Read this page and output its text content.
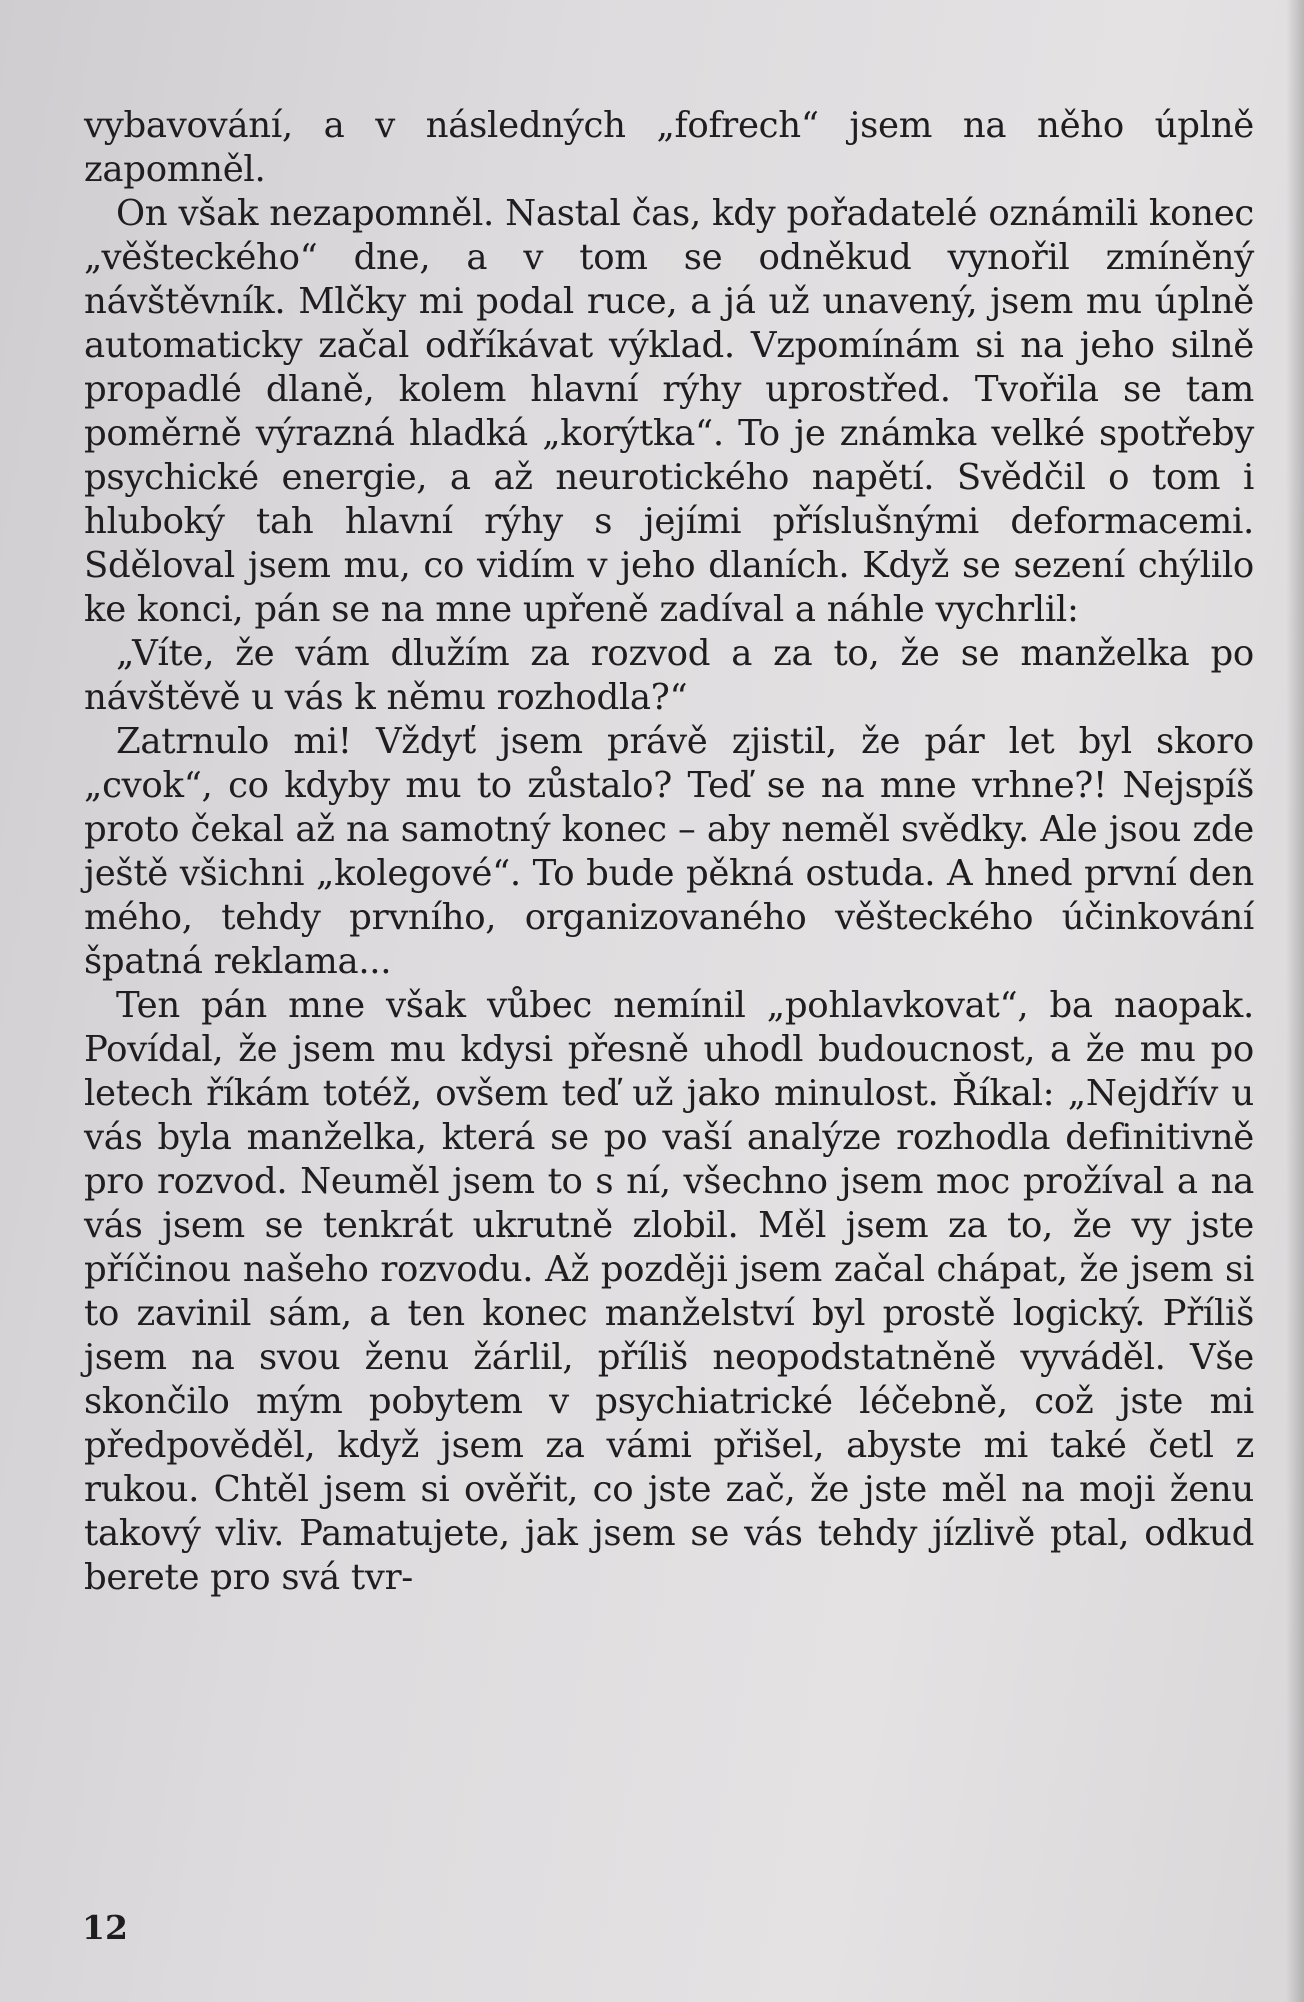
vybavování, a v následných „fofrech“ jsem na něho úplně zapomněl.

On však nezapomněl. Nastal čas, kdy pořadatelé oznámili konec „věšteckého“ dne, a v tom se odněkud vynořil zmíněný návštěvník. Mlčky mi podal ruce, a já už unavený, jsem mu úplně automaticky začal odříkávat výklad. Vzpomínám si na jeho silně propadlé dlaně, kolem hlavní rýhy uprostřed. Tvořila se tam poměrně výrazná hladká „korýtka“. To je známka velké spotřeby psychické energie, a až neurotického napětí. Svědčil o tom i hluboký tah hlavní rýhy s jejími příslušnými deformacemi. Sděloval jsem mu, co vidím v jeho dlaních. Když se sezení chýlilo ke konci, pán se na mne upřeně zadíval a náhle vychrlil:

„Víte, že vám dlužím za rozvod a za to, že se manželka po návštěvě u vás k němu rozhodla?“

Zatrnulo mi! Vždyť jsem právě zjistil, že pár let byl skoro „cvok“, co kdyby mu to zůstalo? Teď se na mne vrhne?! Nejspíš proto čekal až na samotný konec – aby neměl svědky. Ale jsou zde ještě všichni „kolegové“. To bude pěkná ostuda. A hned první den mého, tehdy prvního, organizovaného věšteckého účinkování špatná reklama...

Ten pán mne však vůbec nemínil „pohlavkovat“, ba naopak. Povídal, že jsem mu kdysi přesně uhodl budoucnost, a že mu po letech říkám totéž, ovšem teď už jako minulost. Říkal: „Nejdřív u vás byla manželka, která se po vaší analýze rozhodla definitivně pro rozvod. Neuměl jsem to s ní, všechno jsem moc prožíval a na vás jsem se tenkrát ukrutně zlobil. Měl jsem za to, že vy jste příčinou našeho rozvodu. Až později jsem začal chápat, že jsem si to zavinil sám, a ten konec manželství byl prostě logický. Příliš jsem na svou ženu žárlil, příliš neopodstatněně vyváděl. Vše skončilo mým pobytem v psychiatrické léčebně, což jste mi předpověděl, když jsem za vámi přišel, abyste mi také četl z rukou. Chtěl jsem si ověřit, co jste zač, že jste měl na moji ženu takový vliv. Pamatujete, jak jsem se vás tehdy jízlivě ptal, odkud berete pro svá tvr-

12
